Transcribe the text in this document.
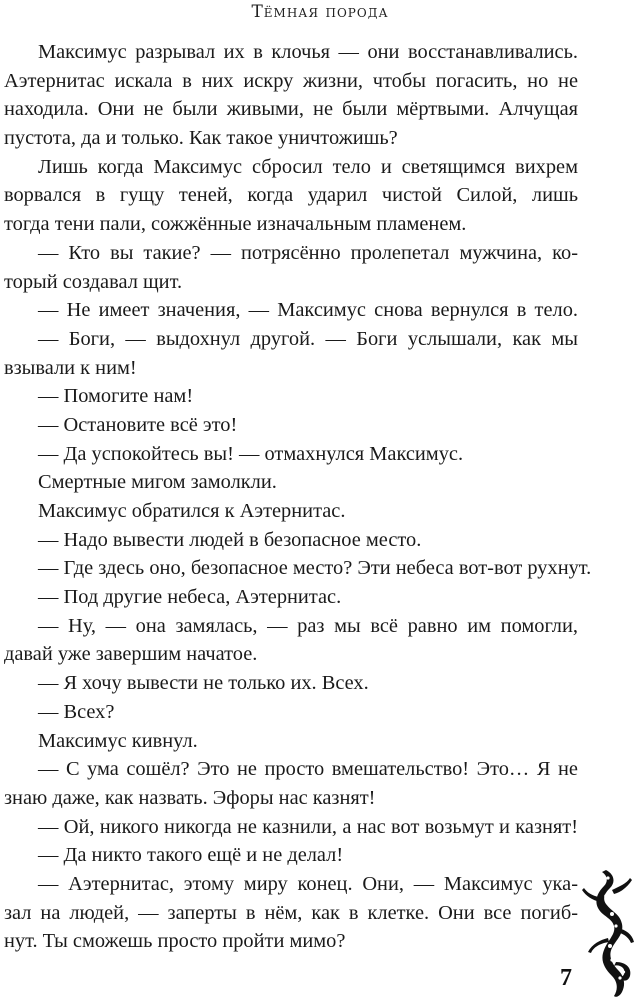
Тёмная порода
Максимус разрывал их в клочья — они восстанавливались.
Аэтернитас искала в них искру жизни, чтобы погасить, но не
находила. Они не были живыми, не были мёртвыми. Алчущая
пустота, да и только. Как такое уничтожишь?
Лишь когда Максимус сбросил тело и светящимся вихрем
ворвался в гущу теней, когда ударил чистой Силой, лишь
тогда тени пали, сожжённые изначальным пламенем.
— Кто вы такие? — потрясённо пролепетал мужчина, ко-
торый создавал щит.
— Не имеет значения, — Максимус снова вернулся в тело.
— Боги, — выдохнул другой. — Боги услышали, как мы
взывали к ним!
— Помогите нам!
— Остановите всё это!
— Да успокойтесь вы! — отмахнулся Максимус.
Смертные мигом замолкли.
Максимус обратился к Аэтернитас.
— Надо вывести людей в безопасное место.
— Где здесь оно, безопасное место? Эти небеса вот-вот рухнут.
— Под другие небеса, Аэтернитас.
— Ну, — она замялась, — раз мы всё равно им помогли,
давай уже завершим начатое.
— Я хочу вывести не только их. Всех.
— Всех?
Максимус кивнул.
— С ума сошёл? Это не просто вмешательство! Это… Я не
знаю даже, как назвать. Эфоры нас казнят!
— Ой, никого никогда не казнили, а нас вот возьмут и казнят!
— Да никто такого ещё и не делал!
— Аэтернитас, этому миру конец. Они, — Максимус ука-
зал на людей, — заперты в нём, как в клетке. Они все погиб-
нут. Ты сможешь просто пройти мимо?
7
